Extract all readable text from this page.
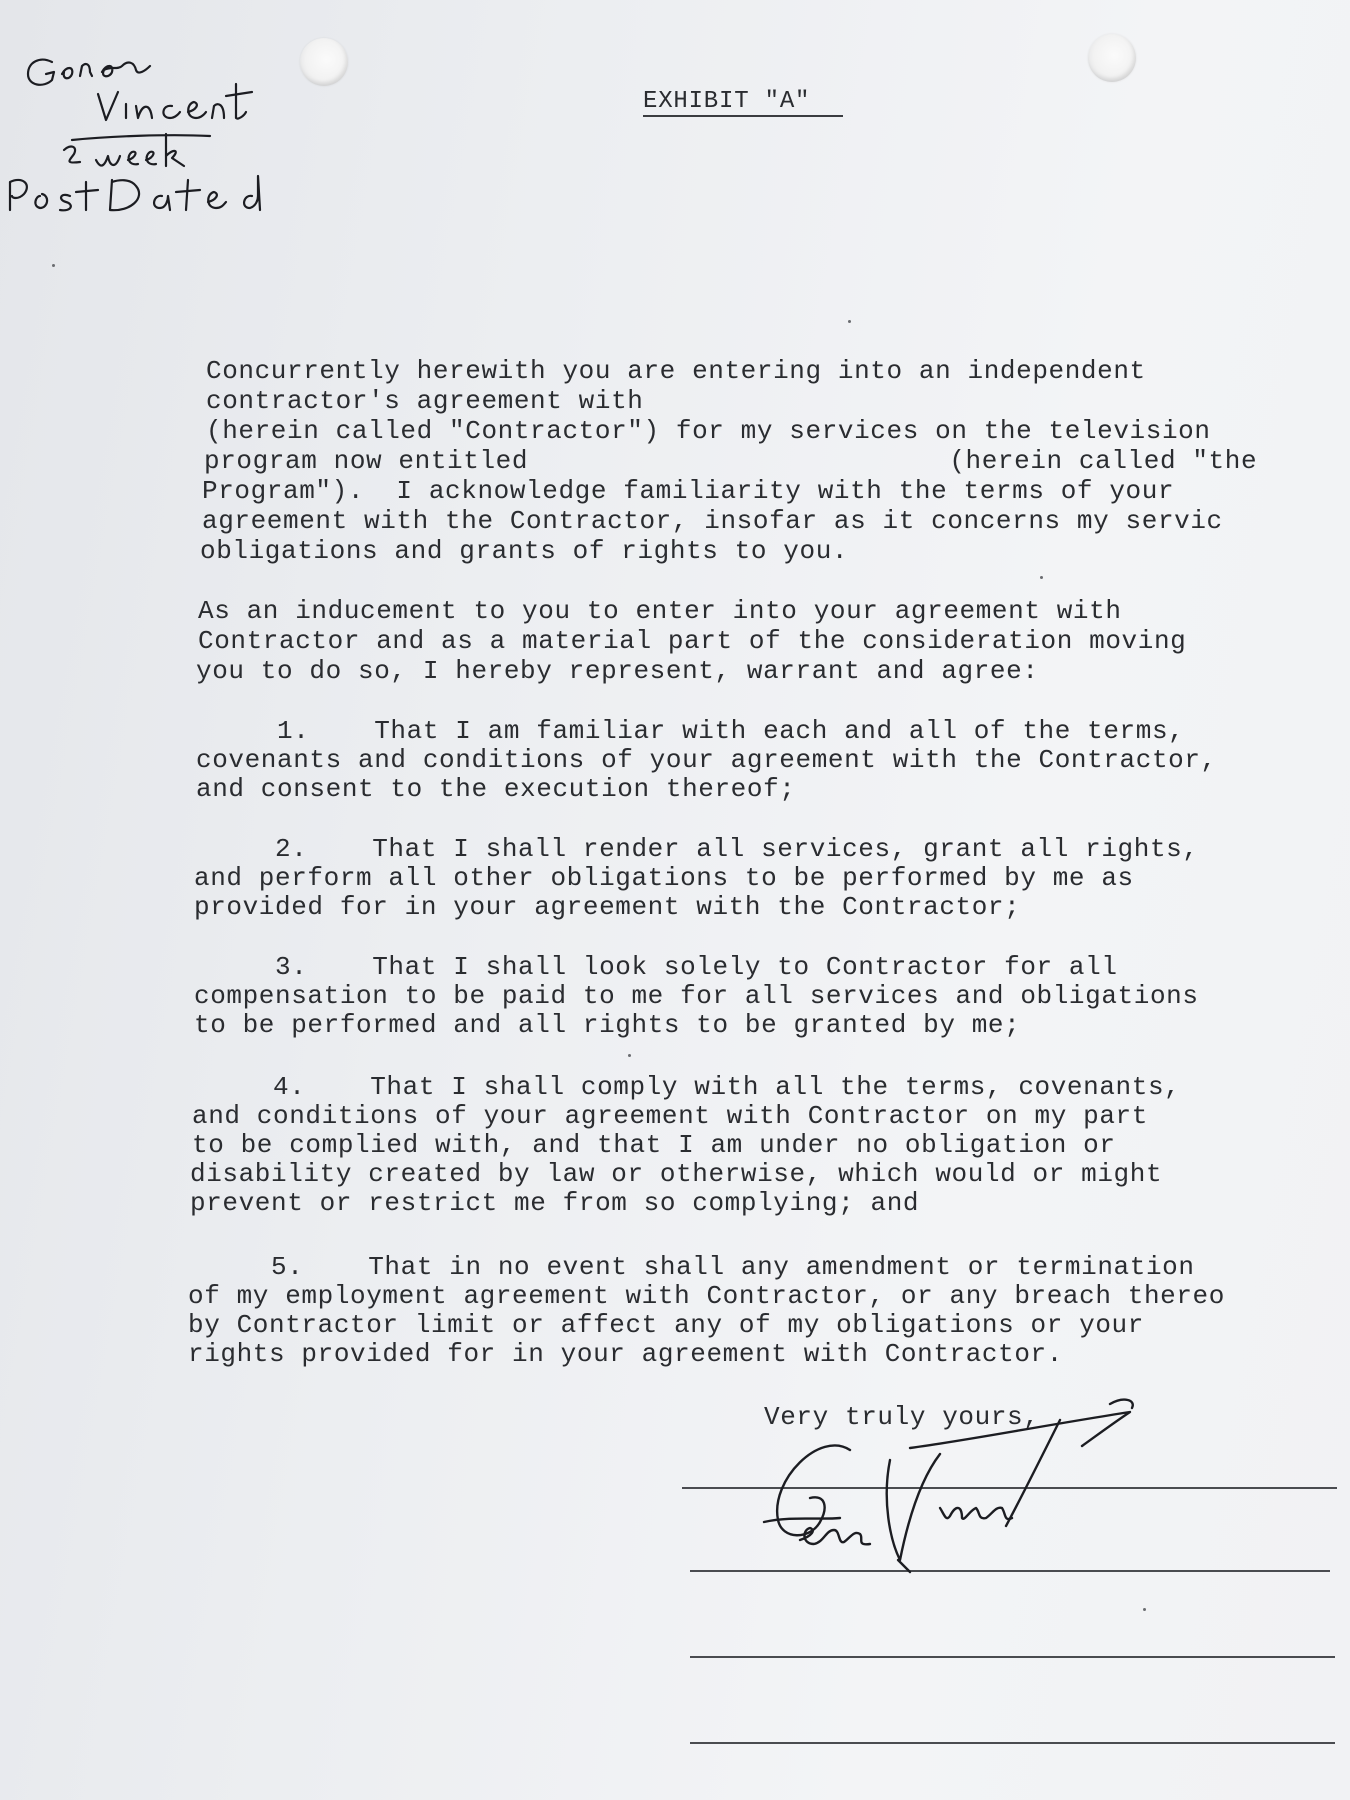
EXHIBIT "A"

Concurrently herewith you are entering into an independent

contractor's agreement with

(herein called "Contractor") for my services on the television

program now entitled                          (herein called "the

Program").  I acknowledge familiarity with the terms of your

agreement with the Contractor, insofar as it concerns my servic

obligations and grants of rights to you.

As an inducement to you to enter into your agreement with

Contractor and as a material part of the consideration moving

you to do so, I hereby represent, warrant and agree:

1.    That I am familiar with each and all of the terms,

covenants and conditions of your agreement with the Contractor,

and consent to the execution thereof;

2.    That I shall render all services, grant all rights,

and perform all other obligations to be performed by me as

provided for in your agreement with the Contractor;

3.    That I shall look solely to Contractor for all

compensation to be paid to me for all services and obligations

to be performed and all rights to be granted by me;

4.    That I shall comply with all the terms, covenants,

and conditions of your agreement with Contractor on my part

to be complied with, and that I am under no obligation or

disability created by law or otherwise, which would or might

prevent or restrict me from so complying; and

5.    That in no event shall any amendment or termination

of my employment agreement with Contractor, or any breach thereo

by Contractor limit or affect any of my obligations or your

rights provided for in your agreement with Contractor.

Very truly yours,
